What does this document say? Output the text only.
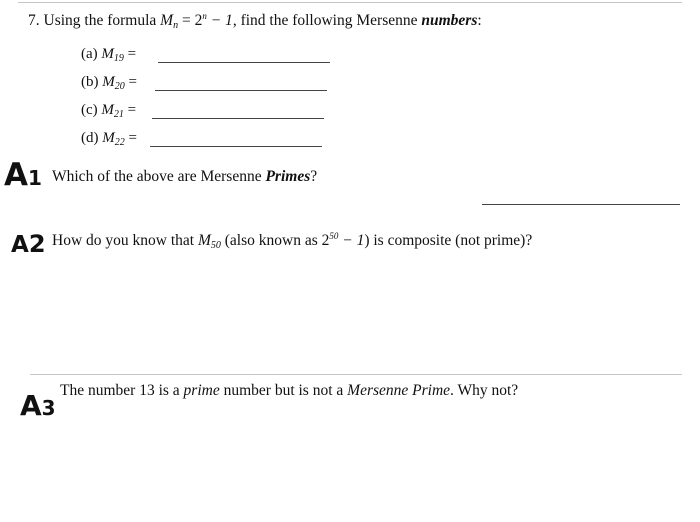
7. Using the formula $M_n = 2^n - 1$, find the following Mersenne numbers:
(a) $M_{19}$ =
(b) $M_{20}$ =
(c) $M_{21}$ =
(d) $M_{22}$ =
A1 Which of the above are Mersenne Primes?
A2 How do you know that $M_{50}$ (also known as $2^{50} - 1$) is composite (not prime)?
A3
The number 13 is a prime number but is not a Mersenne Prime. Why not?
